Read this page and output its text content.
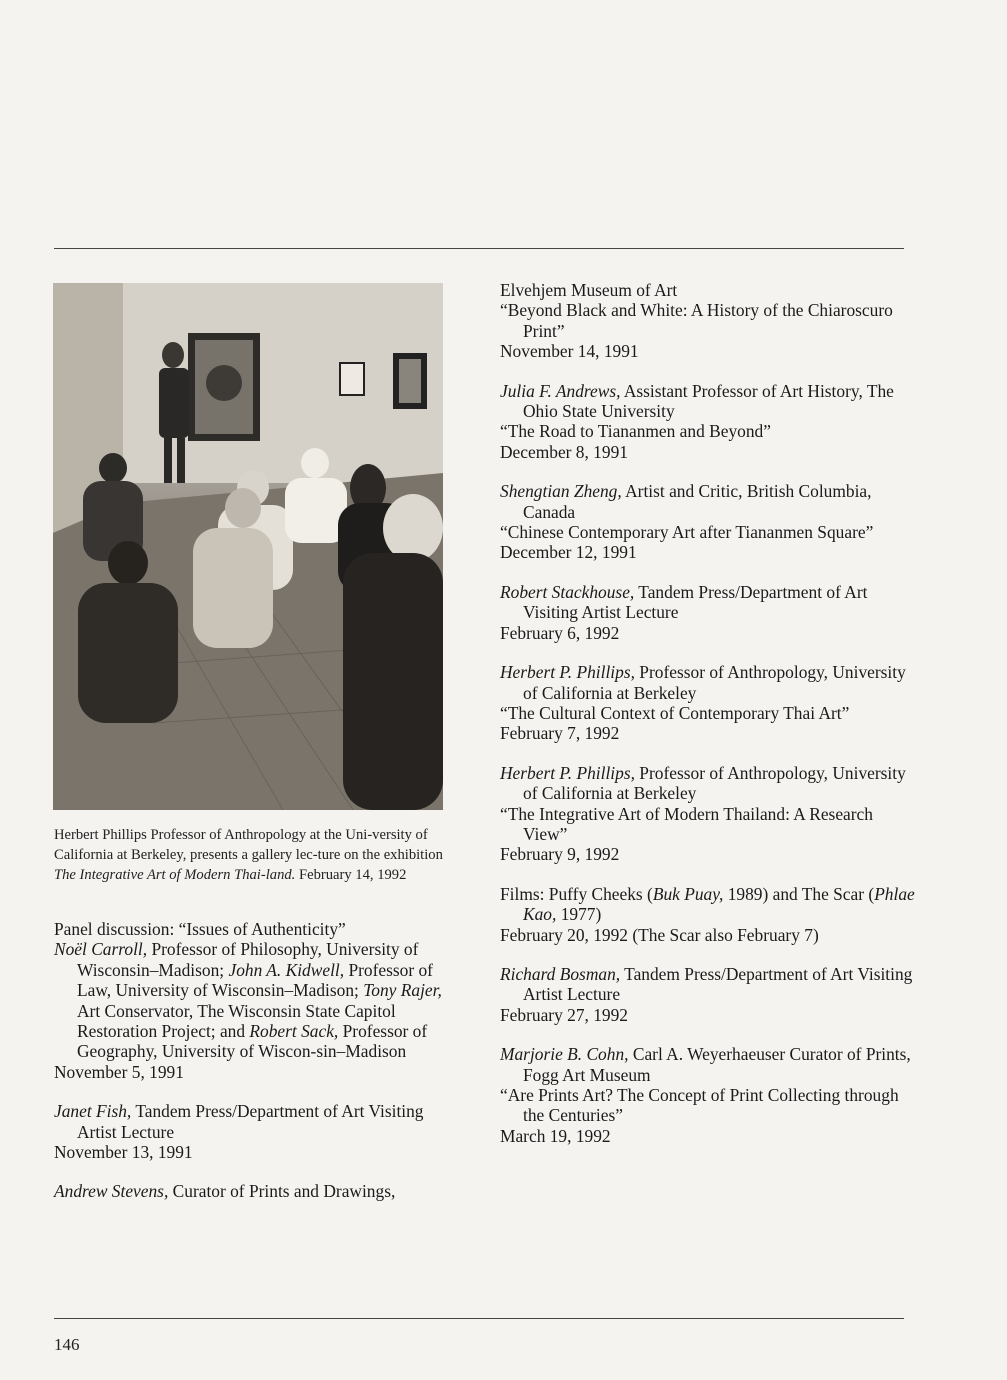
Herbert Phillips Professor of Anthropology at the Uni-versity of California at Berkeley, presents a gallery lec-ture on the exhibition The Integrative Art of Modern Thai-land. February 14, 1992
Panel discussion: “Issues of Authenticity”
Noël Carroll, Professor of Philosophy, University of Wisconsin–Madison; John A. Kidwell, Professor of Law, University of Wisconsin–Madison; Tony Rajer, Art Conservator, The Wisconsin State Capitol Restoration Project; and Robert Sack, Professor of Geography, University of Wiscon-sin–Madison
November 5, 1991
Janet Fish, Tandem Press/Department of Art Visiting Artist Lecture
November 13, 1991
Andrew Stevens, Curator of Prints and Drawings,
Elvehjem Museum of Art
“Beyond Black and White: A History of the Chiaroscuro Print”
November 14, 1991
Julia F. Andrews, Assistant Professor of Art History, The Ohio State University
“The Road to Tiananmen and Beyond”
December 8, 1991
Shengtian Zheng, Artist and Critic, British Columbia, Canada
“Chinese Contemporary Art after Tiananmen Square”
December 12, 1991
Robert Stackhouse, Tandem Press/Department of Art Visiting Artist Lecture
February 6, 1992
Herbert P. Phillips, Professor of Anthropology, University of California at Berkeley
“The Cultural Context of Contemporary Thai Art”
February 7, 1992
Herbert P. Phillips, Professor of Anthropology, University of California at Berkeley
“The Integrative Art of Modern Thailand: A Research View”
February 9, 1992
Films: Puffy Cheeks (Buk Puay, 1989) and The Scar (Phlae Kao, 1977)
February 20, 1992 (The Scar also February 7)
Richard Bosman, Tandem Press/Department of Art Visiting Artist Lecture
February 27, 1992
Marjorie B. Cohn, Carl A. Weyerhaeuser Curator of Prints, Fogg Art Museum
“Are Prints Art? The Concept of Print Collecting through the Centuries”
March 19, 1992
146
